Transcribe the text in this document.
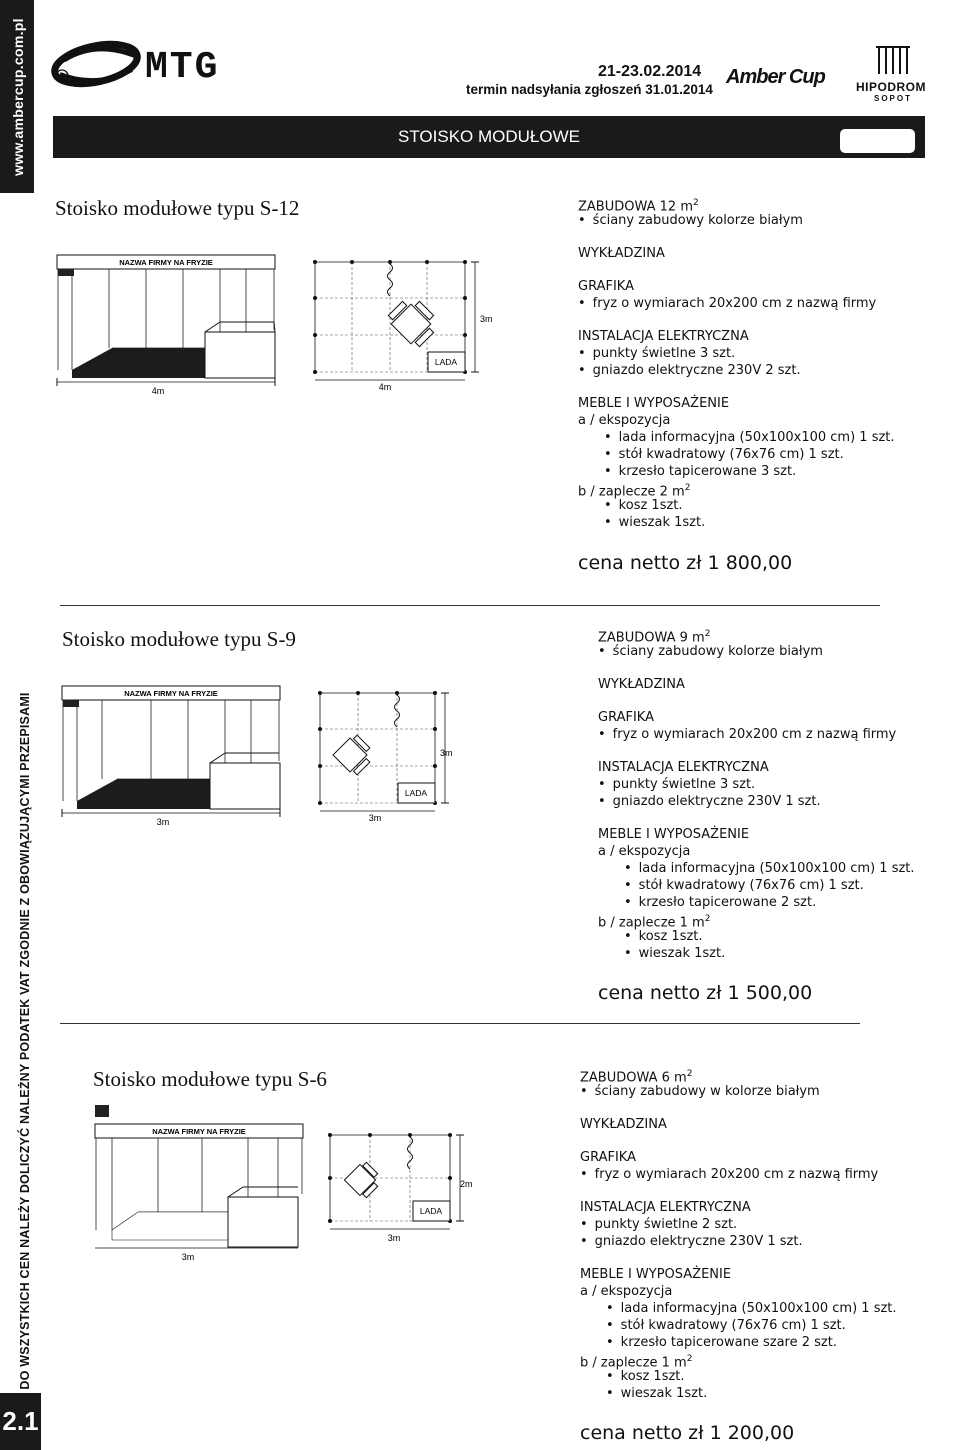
www.ambercup.com.pl
DO WSZYSTKICH CEN NALEŻY DOLICZYĆ NALEŻNY PODATEK VAT ZGODNIE Z OBOWIĄZUJĄCYMI PRZEPISAMI
2.1
® MTG	21-23.02.2014
termin nadsyłania zgłoszeń 31.01.2014
Amber Cup	HIPODROM
SOPOT
STOISKO MODUŁOWE
Stoisko modułowe typu S-12
NAZWA FIRMY NA FRYZIE
4m
LADA
4m
3m
ZABUDOWA 12 $m^2$
• ściany zabudowy kolorze białym
WYKŁADZINA
GRAFIKA
• fryz o wymiarach 20x200 cm z nazwą firmy
INSTALACJA ELEKTRYCZNA
• punkty świetlne 3 szt.
• gniazdo elektryczne 230V 2 szt.
MEBLE I WYPOSAŻENIE
a / ekspozycja
• lada informacyjna (50x100x100 cm) 1 szt.
• stół kwadratowy (76x76 cm) 1 szt.
• krzesło tapicerowane 3 szt.
b / zaplecze 2 $m^2$
• kosz 1szt.
• wieszak 1szt.
cena netto zł 1 800,00
Stoisko modułowe typu S-9
NAZWA FIRMY NA FRYZIE
3m
LADA
3m
3m
ZABUDOWA 9 $m^2$
• ściany zabudowy kolorze białym
WYKŁADZINA
GRAFIKA
• fryz o wymiarach 20x200 cm z nazwą firmy
INSTALACJA ELEKTRYCZNA
• punkty świetlne 3 szt.
• gniazdo elektryczne 230V 1 szt.
MEBLE I WYPOSAŻENIE
a / ekspozycja
• lada informacyjna (50x100x100 cm) 1 szt.
• stół kwadratowy (76x76 cm) 1 szt.
• krzesło tapicerowane 2 szt.
b / zaplecze 1 $m^2$
• kosz 1szt.
• wieszak 1szt.
cena netto zł 1 500,00
Stoisko modułowe typu S-6
NAZWA FIRMY NA FRYZIE
3m
LADA
3m
2m
ZABUDOWA 6 $m^2$
• ściany zabudowy w kolorze białym
WYKŁADZINA
GRAFIKA
• fryz o wymiarach 20x200 cm z nazwą firmy
INSTALACJA ELEKTRYCZNA
• punkty świetlne 2 szt.
• gniazdo elektryczne 230V 1 szt.
MEBLE I WYPOSAŻENIE
a / ekspozycja
• lada informacyjna (50x100x100 cm) 1 szt.
• stół kwadratowy (76x76 cm) 1 szt.
• krzesło tapicerowane szare 2 szt.
b / zaplecze 1 $m^2$
• kosz 1szt.
• wieszak 1szt.
cena netto zł 1 200,00
